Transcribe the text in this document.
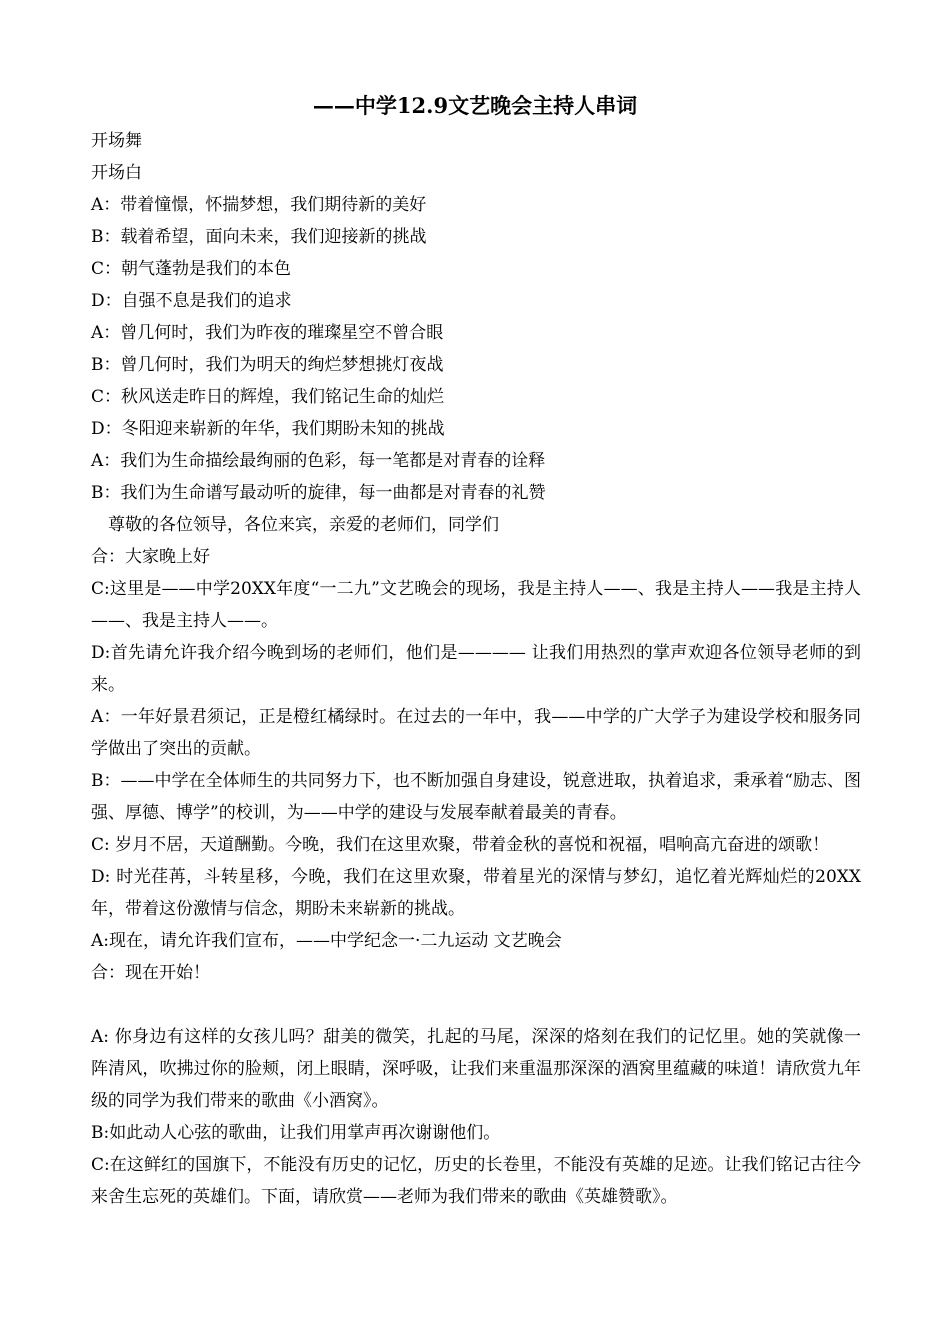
——中学12.9文艺晚会主持人串词

开场舞

开场白

A：带着憧憬，怀揣梦想，我们期待新的美好

B：载着希望，面向未来，我们迎接新的挑战

C：朝气蓬勃是我们的本色

D：自强不息是我们的追求

A：曾几何时，我们为昨夜的璀璨星空不曾合眼

B：曾几何时，我们为明天的绚烂梦想挑灯夜战

C：秋风送走昨日的辉煌，我们铭记生命的灿烂

D：冬阳迎来崭新的年华，我们期盼未知的挑战

A：我们为生命描绘最绚丽的色彩，每一笔都是对青春的诠释

B：我们为生命谱写最动听的旋律，每一曲都是对青春的礼赞

尊敬的各位领导，各位来宾，亲爱的老师们，同学们

合：大家晚上好

C:这里是——中学20XX年度“一二九”文艺晚会的现场，我是主持人——、我是主持人——我是主持人——、我是主持人——。

D:首先请允许我介绍今晚到场的老师们，他们是———— 让我们用热烈的掌声欢迎各位领导老师的到来。

A：一年好景君须记，正是橙红橘绿时。在过去的一年中，我——中学的广大学子为建设学校和服务同学做出了突出的贡献。

B：——中学在全体师生的共同努力下，也不断加强自身建设，锐意进取，执着追求，秉承着“励志、图强、厚德、博学”的校训，为——中学的建设与发展奉献着最美的青春。

C: 岁月不居，天道酬勤。今晚，我们在这里欢聚，带着金秋的喜悦和祝福，唱响高亢奋进的颂歌！

D: 时光荏苒，斗转星移，今晚，我们在这里欢聚，带着星光的深情与梦幻，追忆着光辉灿烂的20XX年，带着这份激情与信念，期盼未来崭新的挑战。

A:现在，请允许我们宣布，——中学纪念一·二九运动 文艺晚会

合：现在开始！

A: 你身边有这样的女孩儿吗？甜美的微笑，扎起的马尾，深深的烙刻在我们的记忆里。她的笑就像一阵清风，吹拂过你的脸颊，闭上眼睛，深呼吸，让我们来重温那深深的酒窝里蕴藏的味道！请欣赏九年级的同学为我们带来的歌曲《小酒窝》。

B:如此动人心弦的歌曲，让我们用掌声再次谢谢他们。

C:在这鲜红的国旗下，不能没有历史的记忆，历史的长卷里，不能没有英雄的足迹。让我们铭记古往今来舍生忘死的英雄们。下面，请欣赏——老师为我们带来的歌曲《英雄赞歌》。
